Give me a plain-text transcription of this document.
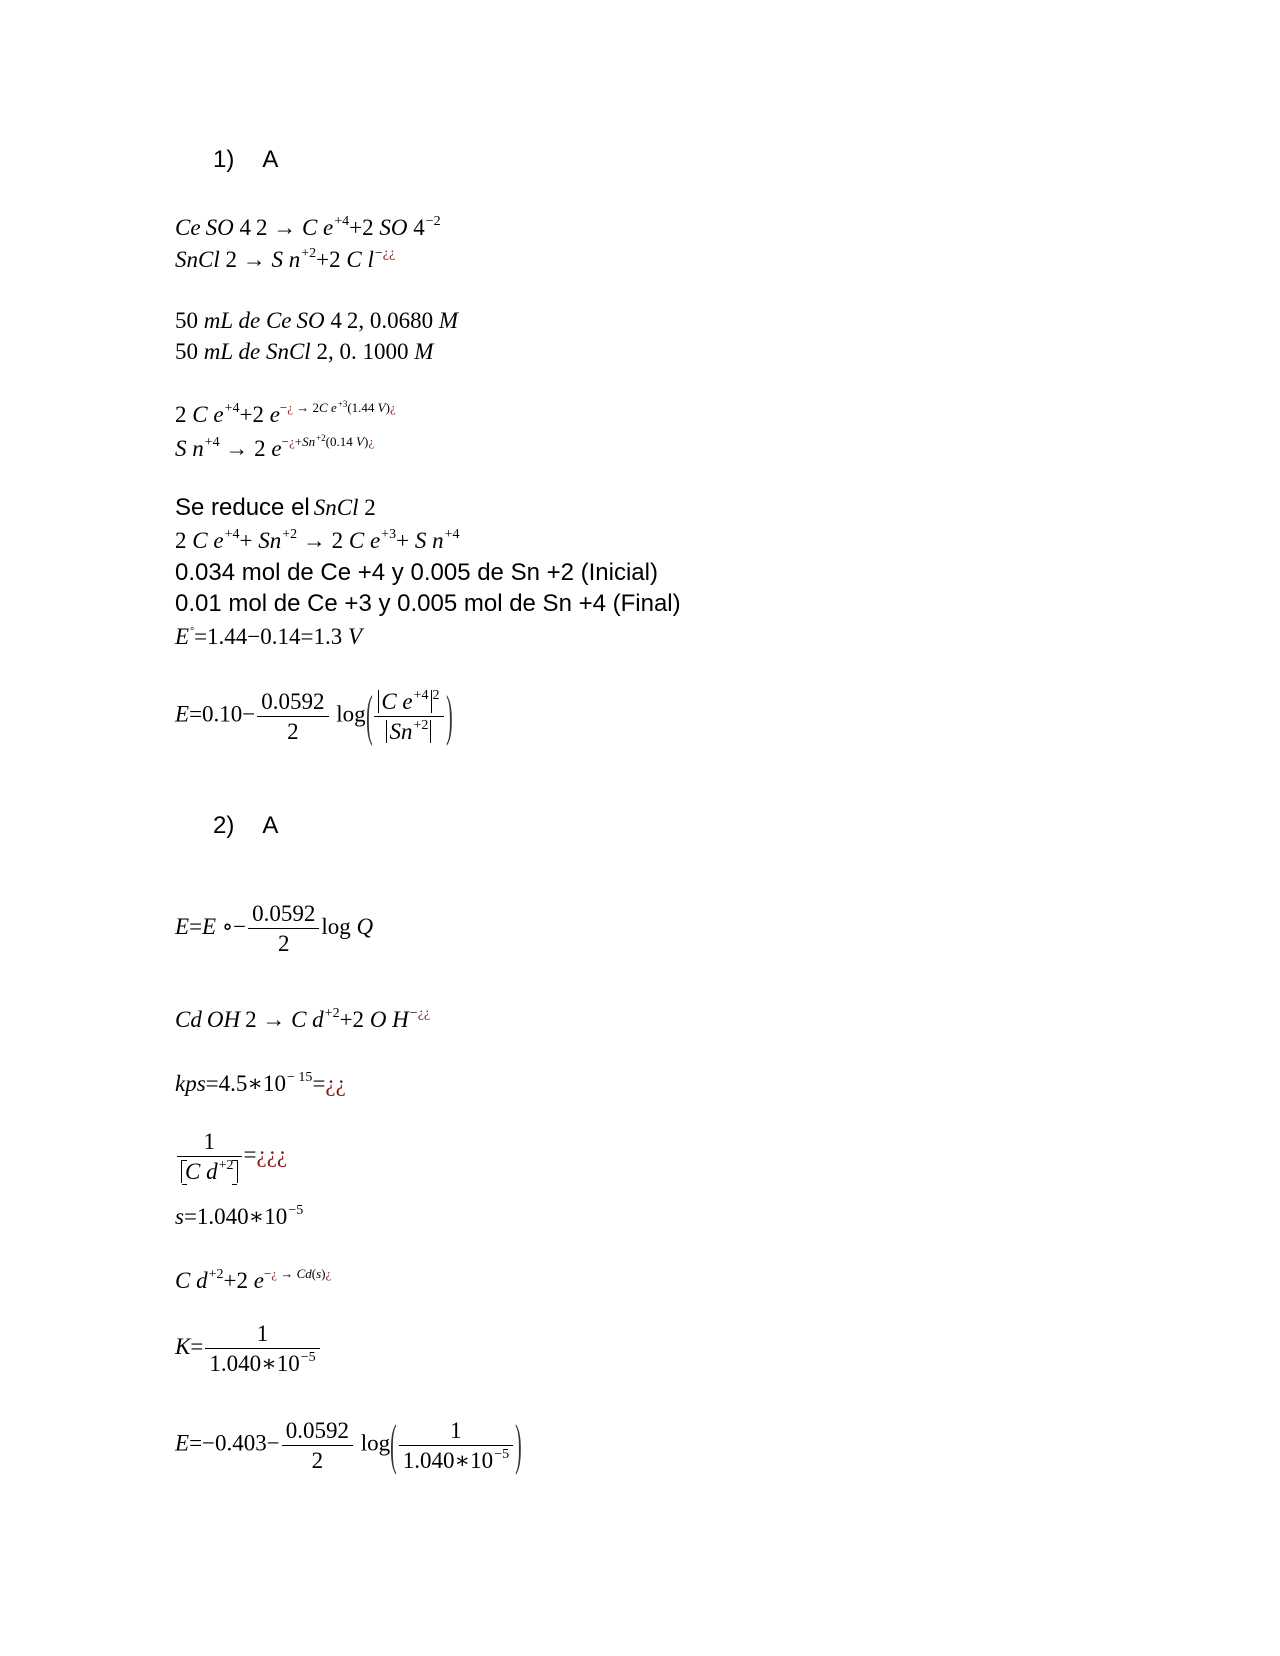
1) A
Ce SO 4 2 → C $e^{+4}+2$ SO $4^{-2}$
SnCl 2 → S $n^{+2}+2$ C l−¿¿
50 mL de Ce SO 4 2, 0.0680 M
50 mL de SnCl 2, 0. 1000 M
2 C $e^{+4}+2$ $e^{-¿ \to 2C e^{+3}(1.44 V)¿}$
S $n^{+4} \to 2$ $e^{-¿+Sn^{+2}(0.14 V)¿}$
Se reduce el SnCl 2
2 C $e^{+4}+ Sn^{+2} \to 2$ C $e^{+3}+ S$ $n^{+4}$
0.034 mol de Ce +4 y 0.005 de Sn +2 (Inicial)
0.01 mol de Ce +3 y 0.005 mol de Sn +4 (Final)
E°=1.44−0.14=1.3 V
$E=0.10- \frac{0.0592}{2} \log( \frac{C e^{+4} ^2}{Sn^{+2}}$ )
2) A
E=E ∘− $\frac{0.0592}{2}$ log Q
Cd OH 2 → C $d^{+2}+2$ O H−¿¿
$kps=4.5∗10^{- 15}=¿¿$
$\frac{1}{C d^{+2}}$ =¿¿¿
$s=1.040∗10^{-5}$
C $d^{+2}+2$ $e^{-¿ \to Cd(s)¿}$
$K= \frac{1}{1.040∗10^{-5}}$
$E=-0.403- \frac{0.0592}{2} \log( \frac{1}{1.040∗10^{-5}}$ )
